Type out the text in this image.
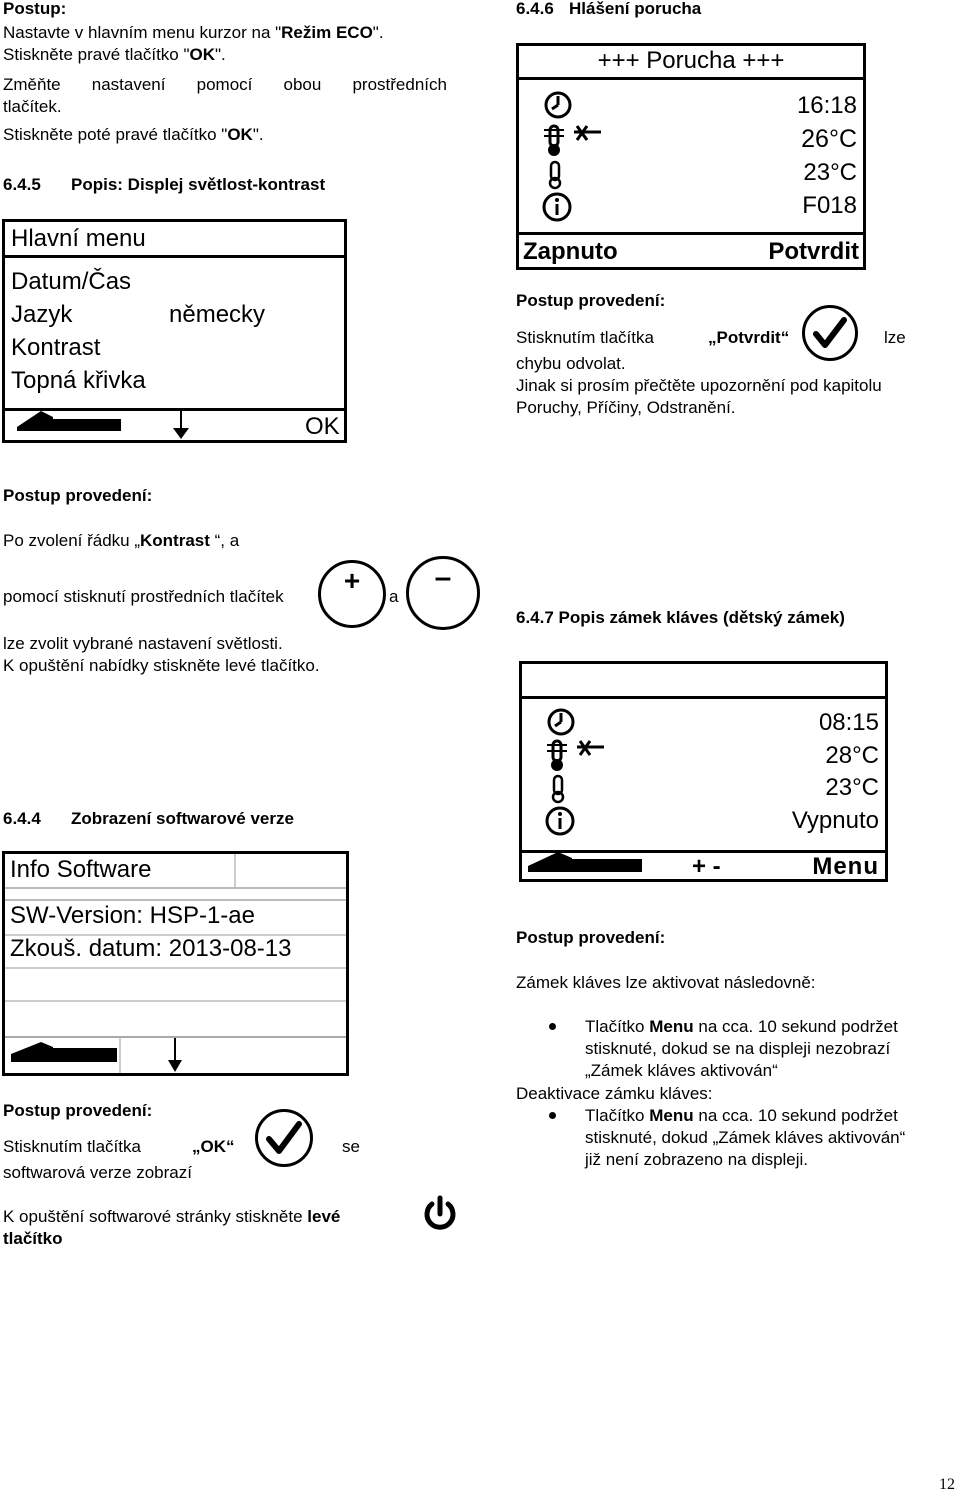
Postup:
Nastavte v hlavním menu kurzor na "Režim ECO".
Stiskněte pravé tlačítko "OK".
Změňte nastavení pomocí obou prostředních
tlačítek.
Stiskněte poté pravé tlačítko "OK".
6.4.5 Popis: Displej světlost-kontrast
Hlavní menu
Datum/Čas
Jazyk	německy
Kontrast
Topná křivka
OK
6.4.6 Hlášení porucha
+++ Porucha +++
16:18
26°C
23°C
F018
Zapnuto	Potvrdit
Postup provedení:
Stisknutím tlačítka	„Potvrdit“	lze
chybu odvolat.
Jinak si prosím přečtěte upozornění pod kapitolu
Poruchy, Příčiny, Odstranění.
Postup provedení:
Po zvolení řádku „Kontrast “, a
pomocí stisknutí prostředních tlačítek
+
a
–
lze zvolit vybrané nastavení světlosti.
K opuštění nabídky stiskněte levé tlačítko.
6.4.7 Popis zámek kláves (dětský zámek)
08:15
28°C
23°C
Vypnuto
+ -	Menu
6.4.4 Zobrazení softwarové verze
Info Software
SW-Version: HSP-1-ae
Zkouš. datum: 2013-08-13
Postup provedení:
Stisknutím tlačítka	„OK“	se
softwarová verze zobrazí
K opuštění softwarové stránky stiskněte levé
tlačítko
Postup provedení:
Zámek kláves lze aktivovat následovně:
Tlačítko Menu na cca. 10 sekund podržet
stisknuté, dokud se na displeji nezobrazí
„Zámek kláves aktivován“
Deaktivace zámku kláves:
Tlačítko Menu na cca. 10 sekund podržet
stisknuté, dokud „Zámek kláves aktivován“
již není zobrazeno na displeji.
12
